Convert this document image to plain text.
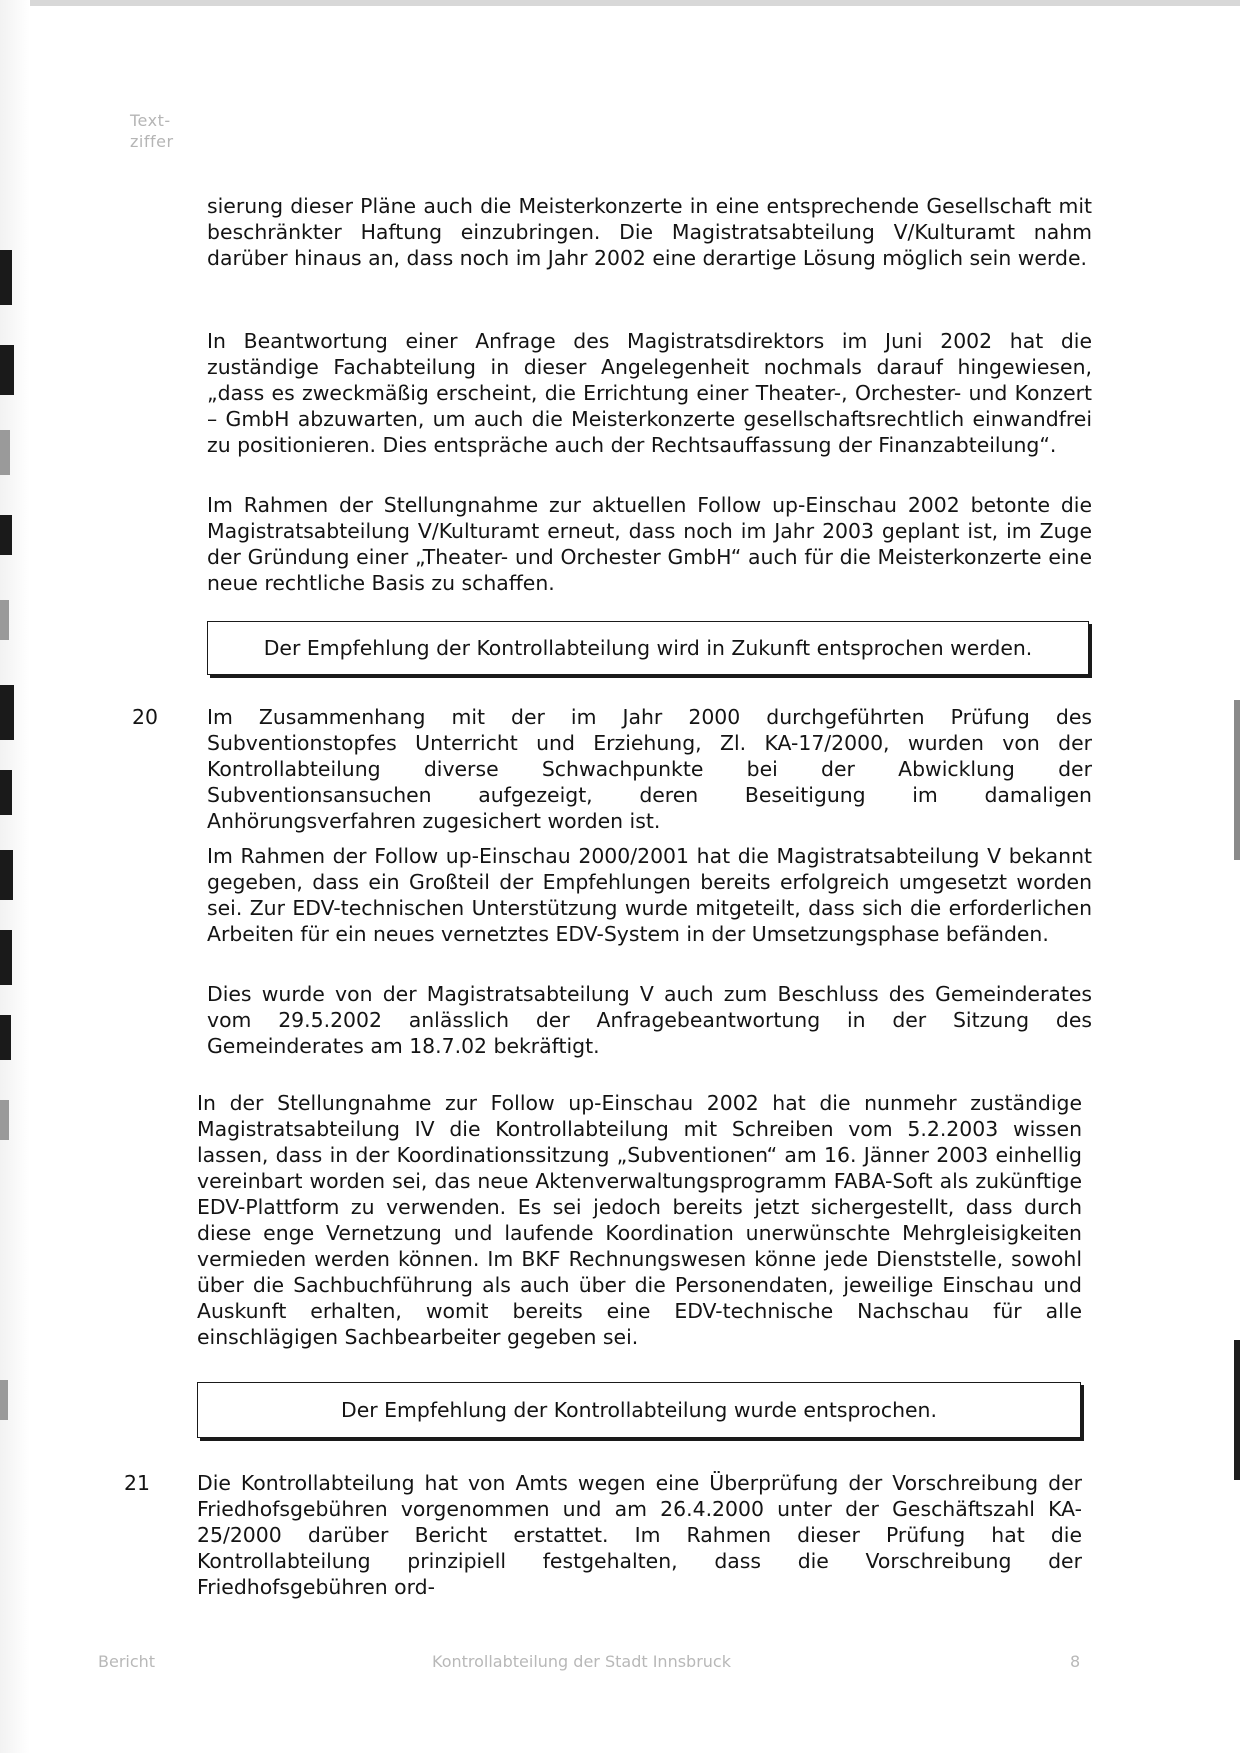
Text-
ziffer

sierung dieser Pläne auch die Meisterkonzerte in eine entsprechende Gesellschaft mit beschränkter Haftung einzubringen. Die Magistratsabteilung V/Kulturamt nahm darüber hinaus an, dass noch im Jahr 2002 eine derartige Lösung möglich sein werde.

In Beantwortung einer Anfrage des Magistratsdirektors im Juni 2002 hat die zuständige Fachabteilung in dieser Angelegenheit nochmals darauf hingewiesen, „dass es zweckmäßig erscheint, die Errichtung einer Theater-, Orchester- und Konzert – GmbH abzuwarten, um auch die Meisterkonzerte gesellschaftsrechtlich einwandfrei zu positionieren. Dies entspräche auch der Rechtsauffassung der Finanzabteilung“.

Im Rahmen der Stellungnahme zur aktuellen Follow up-Einschau 2002 betonte die Magistratsabteilung V/Kulturamt erneut, dass noch im Jahr 2003 geplant ist, im Zuge der Gründung einer „Theater- und Orchester GmbH“ auch für die Meisterkonzerte eine neue rechtliche Basis zu schaffen.

Der Empfehlung der Kontrollabteilung wird in Zukunft entsprochen werden.

20 Im Zusammenhang mit der im Jahr 2000 durchgeführten Prüfung des Subventionstopfes Unterricht und Erziehung, Zl. KA-17/2000, wurden von der Kontrollabteilung diverse Schwachpunkte bei der Abwicklung der Subventionsansuchen aufgezeigt, deren Beseitigung im damaligen Anhörungsverfahren zugesichert worden ist.

Im Rahmen der Follow up-Einschau 2000/2001 hat die Magistratsabteilung V bekannt gegeben, dass ein Großteil der Empfehlungen bereits erfolgreich umgesetzt worden sei. Zur EDV-technischen Unterstützung wurde mitgeteilt, dass sich die erforderlichen Arbeiten für ein neues vernetztes EDV-System in der Umsetzungsphase befänden.

Dies wurde von der Magistratsabteilung V auch zum Beschluss des Gemeinderates vom 29.5.2002 anlässlich der Anfragebeantwortung in der Sitzung des Gemeinderates am 18.7.02 bekräftigt.

In der Stellungnahme zur Follow up-Einschau 2002 hat die nunmehr zuständige Magistratsabteilung IV die Kontrollabteilung mit Schreiben vom 5.2.2003 wissen lassen, dass in der Koordinationssitzung „Subventionen“ am 16. Jänner 2003 einhellig vereinbart worden sei, das neue Aktenverwaltungsprogramm FABA-Soft als zukünftige EDV-Plattform zu verwenden. Es sei jedoch bereits jetzt sichergestellt, dass durch diese enge Vernetzung und laufende Koordination unerwünschte Mehrgleisigkeiten vermieden werden können. Im BKF Rechnungswesen könne jede Dienststelle, sowohl über die Sachbuchführung als auch über die Personendaten, jeweilige Einschau und Auskunft erhalten, womit bereits eine EDV-technische Nachschau für alle einschlägigen Sachbearbeiter gegeben sei.

Der Empfehlung der Kontrollabteilung wurde entsprochen.

21 Die Kontrollabteilung hat von Amts wegen eine Überprüfung der Vorschreibung der Friedhofsgebühren vorgenommen und am 26.4.2000 unter der Geschäftszahl KA-25/2000 darüber Bericht erstattet. Im Rahmen dieser Prüfung hat die Kontrollabteilung prinzipiell festgehalten, dass die Vorschreibung der Friedhofsgebühren ord-

Bericht	Kontrollabteilung der Stadt Innsbruck	8
